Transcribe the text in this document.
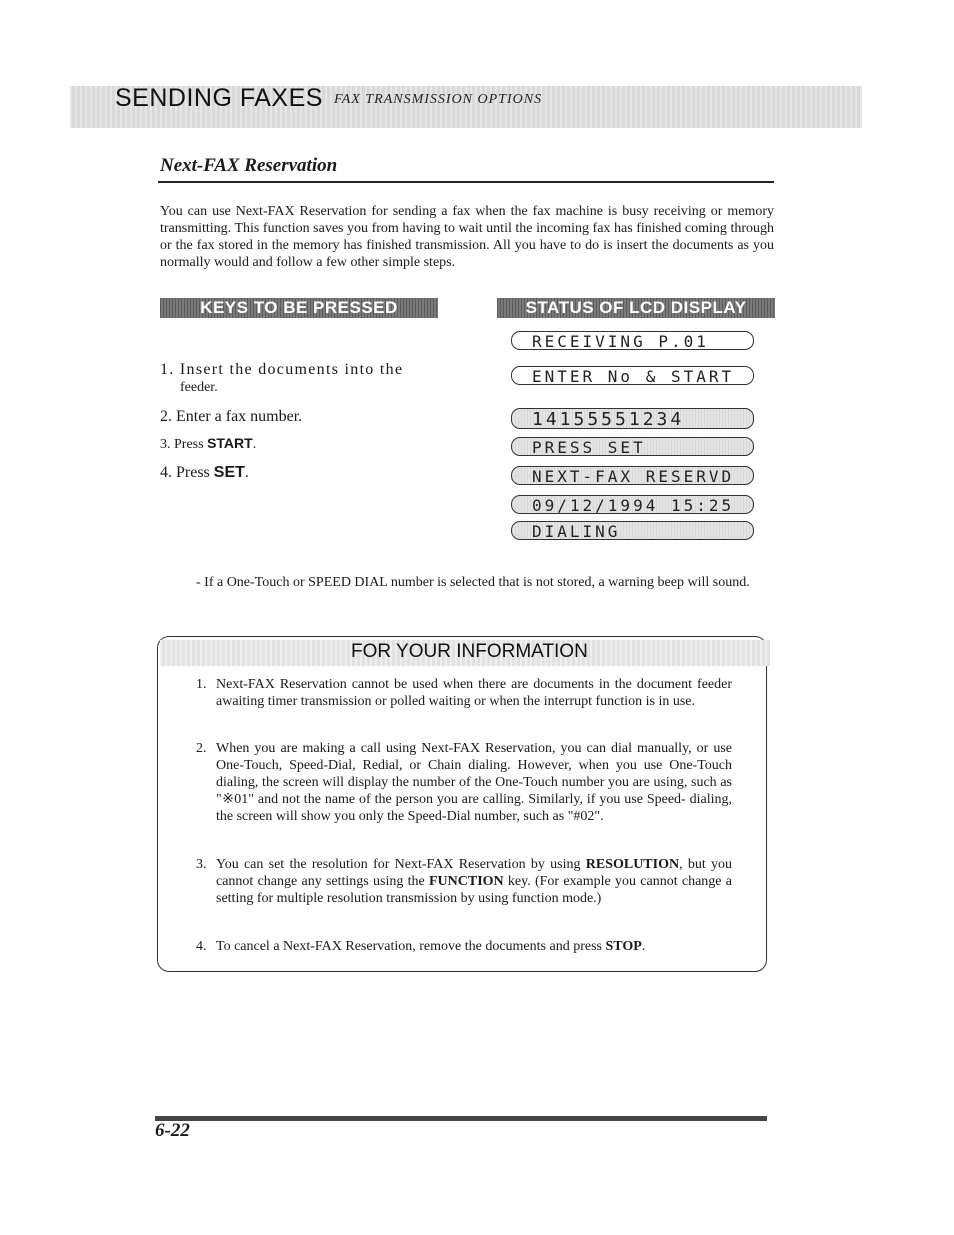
SENDING FAXES FAX TRANSMISSION OPTIONS
Next-FAX Reservation
You can use Next-FAX Reservation for sending a fax when the fax machine is busy receiving or memory transmitting. This function saves you from having to wait until the incoming fax has finished coming through or the fax stored in the memory has finished transmission. All you have to do is insert the documents as you normally would and follow a few other simple steps.
KEYS TO BE PRESSED	STATUS OF LCD DISPLAY
1. Insert the documents into the
feeder.
2. Enter a fax number.
3. Press START.
4. Press SET.
RECEIVING P.01
ENTER No & START
14155551234
PRESS SET
NEXT-FAX RESERVD
09/12/1994 15:25
DIALING
- If a One-Touch or SPEED DIAL number is selected that is not stored, a warning beep will sound.
FOR YOUR INFORMATION
1. Next-FAX Reservation cannot be used when there are documents in the document feeder awaiting timer transmission or polled waiting or when the interrupt function is in use.
2. When you are making a call using Next-FAX Reservation, you can dial manually, or use One-Touch, Speed-Dial, Redial, or Chain dialing. However, when you use One-Touch dialing, the screen will display the number of the One-Touch number you are using, such as "※01" and not the name of the person you are calling. Similarly, if you use Speed- dialing, the screen will show you only the Speed-Dial number, such as "#02".
3. You can set the resolution for Next-FAX Reservation by using RESOLUTION, but you cannot change any settings using the FUNCTION key. (For example you cannot change a setting for multiple resolution transmission by using function mode.)
4. To cancel a Next-FAX Reservation, remove the documents and press STOP.
6-22
